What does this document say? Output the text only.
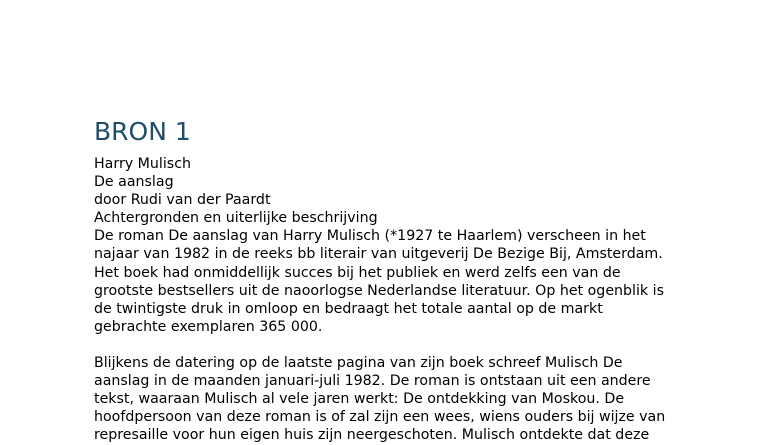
BRON 1
Harry Mulisch
De aanslag
door Rudi van der Paardt
Achtergronden en uiterlijke beschrijving
De roman De aanslag van Harry Mulisch (*1927 te Haarlem) verscheen in het
najaar van 1982 in de reeks bb literair van uitgeverij De Bezige Bij, Amsterdam.
Het boek had onmiddellijk succes bij het publiek en werd zelfs een van de
grootste bestsellers uit de naoorlogse Nederlandse literatuur. Op het ogenblik is
de twintigste druk in omloop en bedraagt het totale aantal op de markt
gebrachte exemplaren 365 000.
Blijkens de datering op de laatste pagina van zijn boek schreef Mulisch De
aanslag in de maanden januari-juli 1982. De roman is ontstaan uit een andere
tekst, waaraan Mulisch al vele jaren werkt: De ontdekking van Moskou. De
hoofdpersoon van deze roman is of zal zijn een wees, wiens ouders bij wijze van
represaille voor hun eigen huis zijn neergeschoten. Mulisch ontdekte dat deze
